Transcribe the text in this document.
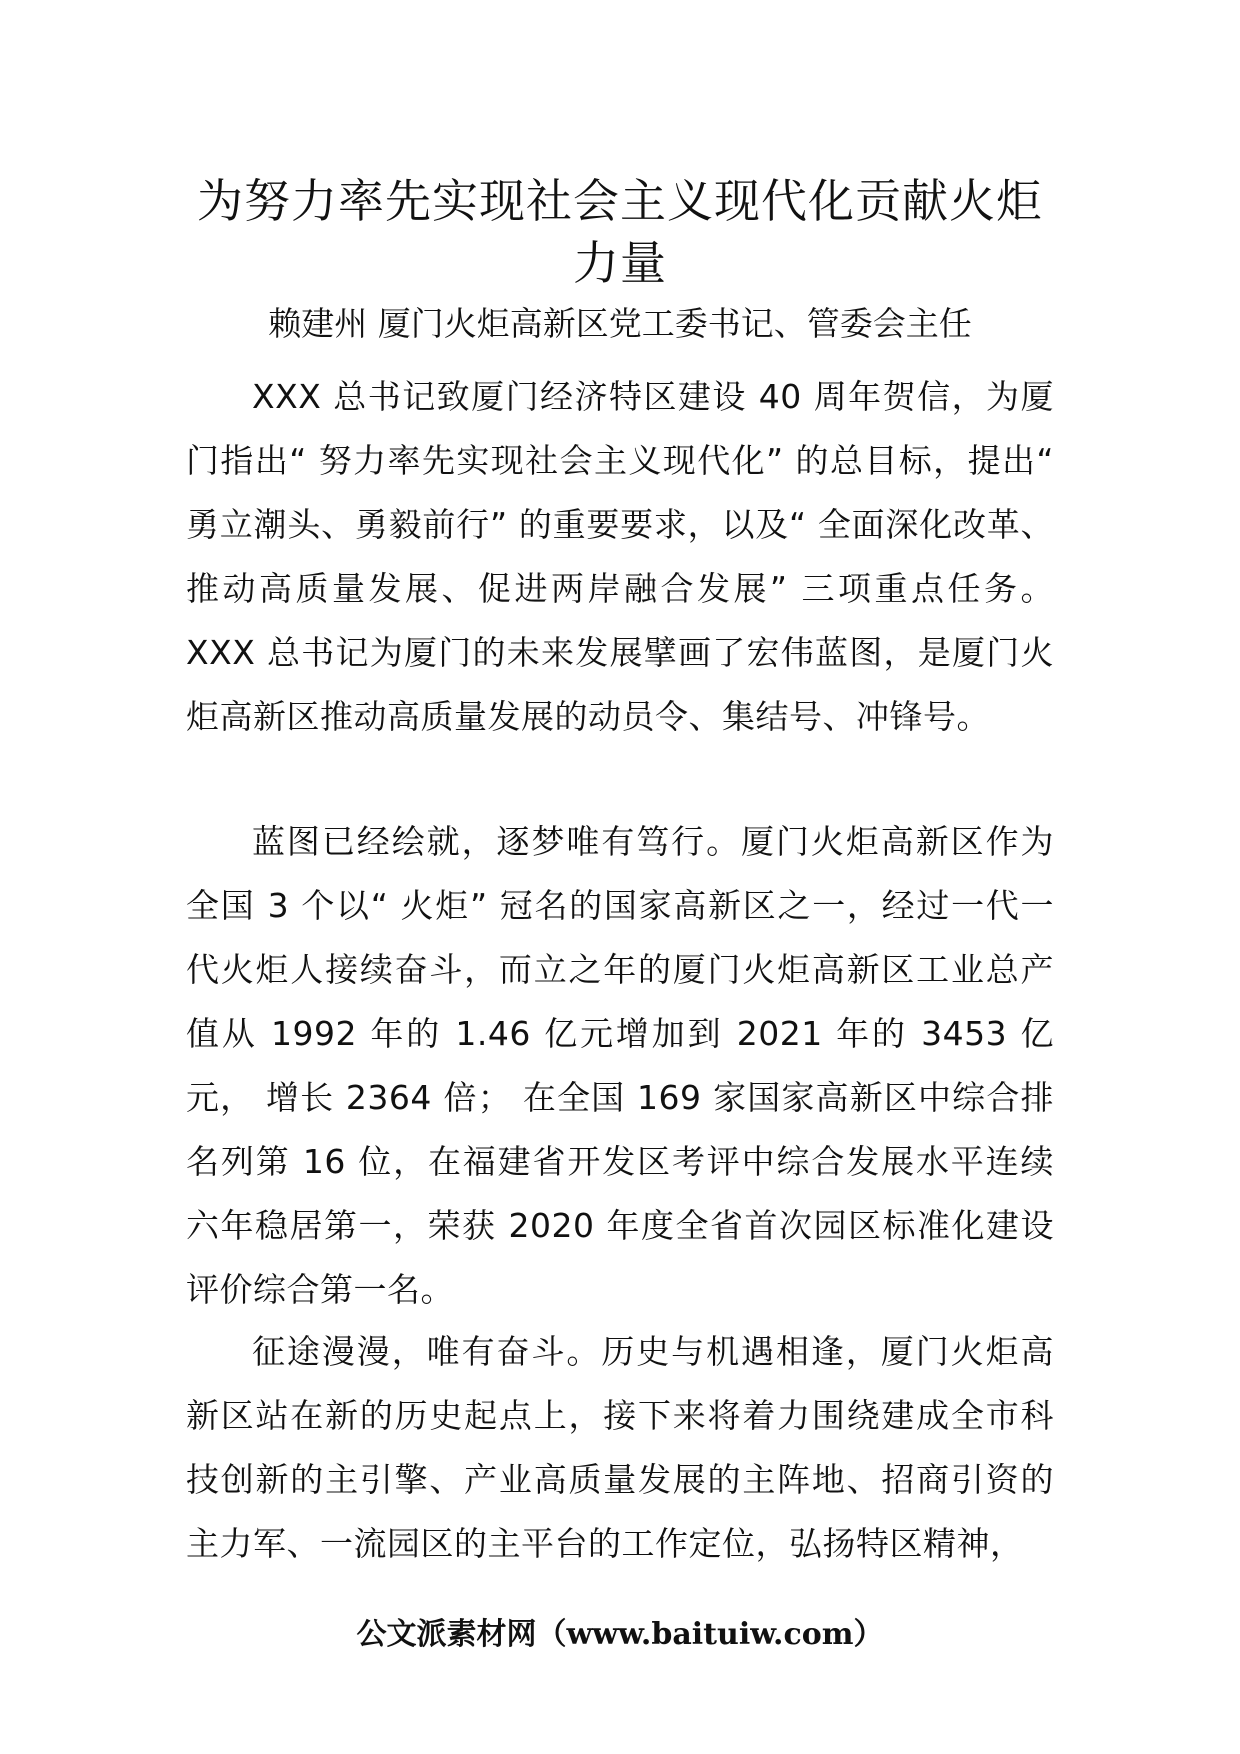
为努力率先实现社会主义现代化贡献火炬
力量

赖建州 厦门火炬高新区党工委书记、管委会主任

XXX 总书记致厦门经济特区建设 40 周年贺信，为厦门指出“ 努力率先实现社会主义现代化” 的总目标，提出“ 勇立潮头、勇毅前行” 的重要要求，以及“ 全面深化改革、推动高质量发展、促进两岸融合发展” 三项重点任务。XXX 总书记为厦门的未来发展擘画了宏伟蓝图，是厦门火炬高新区推动高质量发展的动员令、集结号、冲锋号。

蓝图已经绘就，逐梦唯有笃行。厦门火炬高新区作为全国 3 个以“ 火炬” 冠名的国家高新区之一，经过一代一代火炬人接续奋斗，而立之年的厦门火炬高新区工业总产值从 1992 年的 1.46 亿元增加到 2021 年的 3453 亿元， 增长 2364 倍； 在全国 169 家国家高新区中综合排名列第 16 位，在福建省开发区考评中综合发展水平连续六年稳居第一，荣获 2020 年度全省首次园区标准化建设评价综合第一名。

征途漫漫，唯有奋斗。历史与机遇相逢，厦门火炬高新区站在新的历史起点上，接下来将着力围绕建成全市科技创新的主引擎、产业高质量发展的主阵地、招商引资的主力军、一流园区的主平台的工作定位，弘扬特区精神，

公文派素材网（www.baituiw.com）
